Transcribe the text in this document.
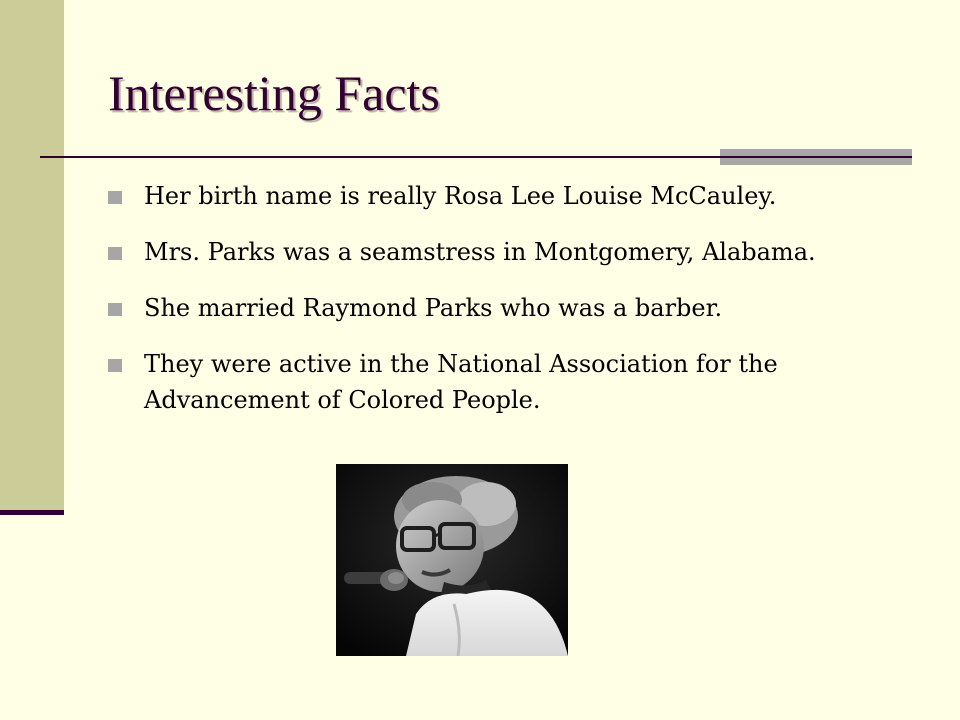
Interesting Facts
Her birth name is really Rosa Lee Louise McCauley.
Mrs. Parks was a seamstress in Montgomery, Alabama.
She married Raymond Parks who was a barber.
They were active in the National Association for the Advancement of Colored People.
